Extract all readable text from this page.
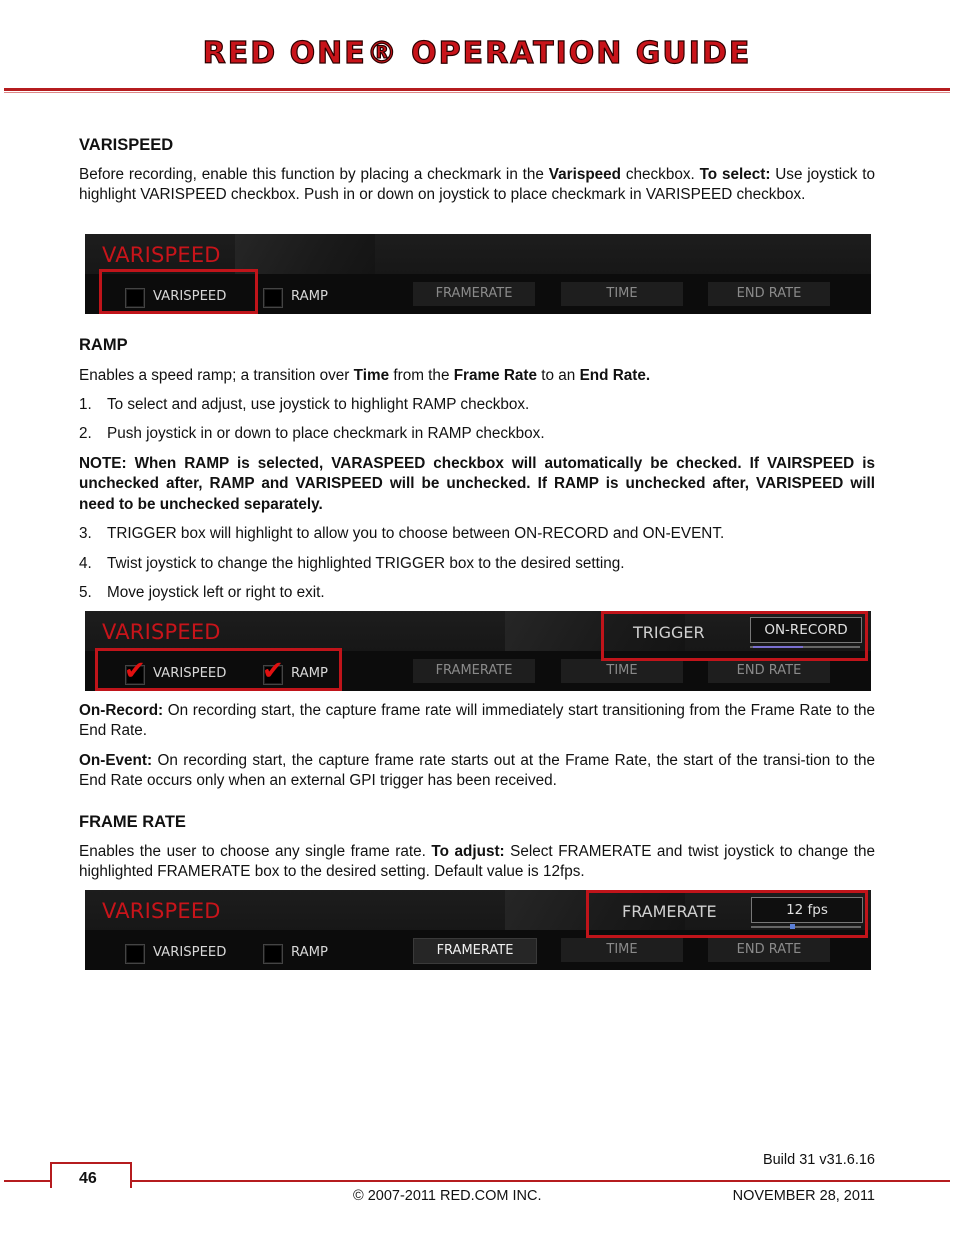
RED ONE® OPERATION GUIDE
VARISPEED
Before recording, enable this function by placing a checkmark in the Varispeed checkbox. To select: Use joystick to highlight VARISPEED checkbox. Push in or down on joystick to place checkmark in VARISPEED checkbox.
VARISPEED
VARISPEED	RAMP	FRAMERATE	TIME	END RATE
RAMP
Enables a speed ramp; a transition over Time from the Frame Rate to an End Rate.
1. To select and adjust, use joystick to highlight RAMP checkbox.
2. Push joystick in or down to place checkmark in RAMP checkbox.
NOTE: When RAMP is selected, VARASPEED checkbox will automatically be checked. If VAIRSPEED is unchecked after, RAMP and VARISPEED will be unchecked. If RAMP is unchecked after, VARISPEED will need to be unchecked separately.
3. TRIGGER box will highlight to allow you to choose between ON-RECORD and ON-EVENT.
4. Twist joystick to change the highlighted TRIGGER box to the desired setting.
5. Move joystick left or right to exit.
VARISPEED	TRIGGER	ON-RECORD
✔ VARISPEED ✔ RAMP	FRAMERATE	TIME	END RATE
On-Record: On recording start, the capture frame rate will immediately start transitioning from the Frame Rate to the End Rate.
On-Event: On recording start, the capture frame rate starts out at the Frame Rate, the start of the transi-tion to the End Rate occurs only when an external GPI trigger has been received.
FRAME RATE
Enables the user to choose any single frame rate. To adjust: Select FRAMERATE and twist joystick to change the highlighted FRAMERATE box to the desired setting. Default value is 12fps.
VARISPEED	FRAMERATE	12 fps
VARISPEED	RAMP	FRAMERATE	TIME	END RATE
Build 31 v31.6.16
46
© 2007-2011 RED.COM INC.	NOVEMBER 28, 2011
